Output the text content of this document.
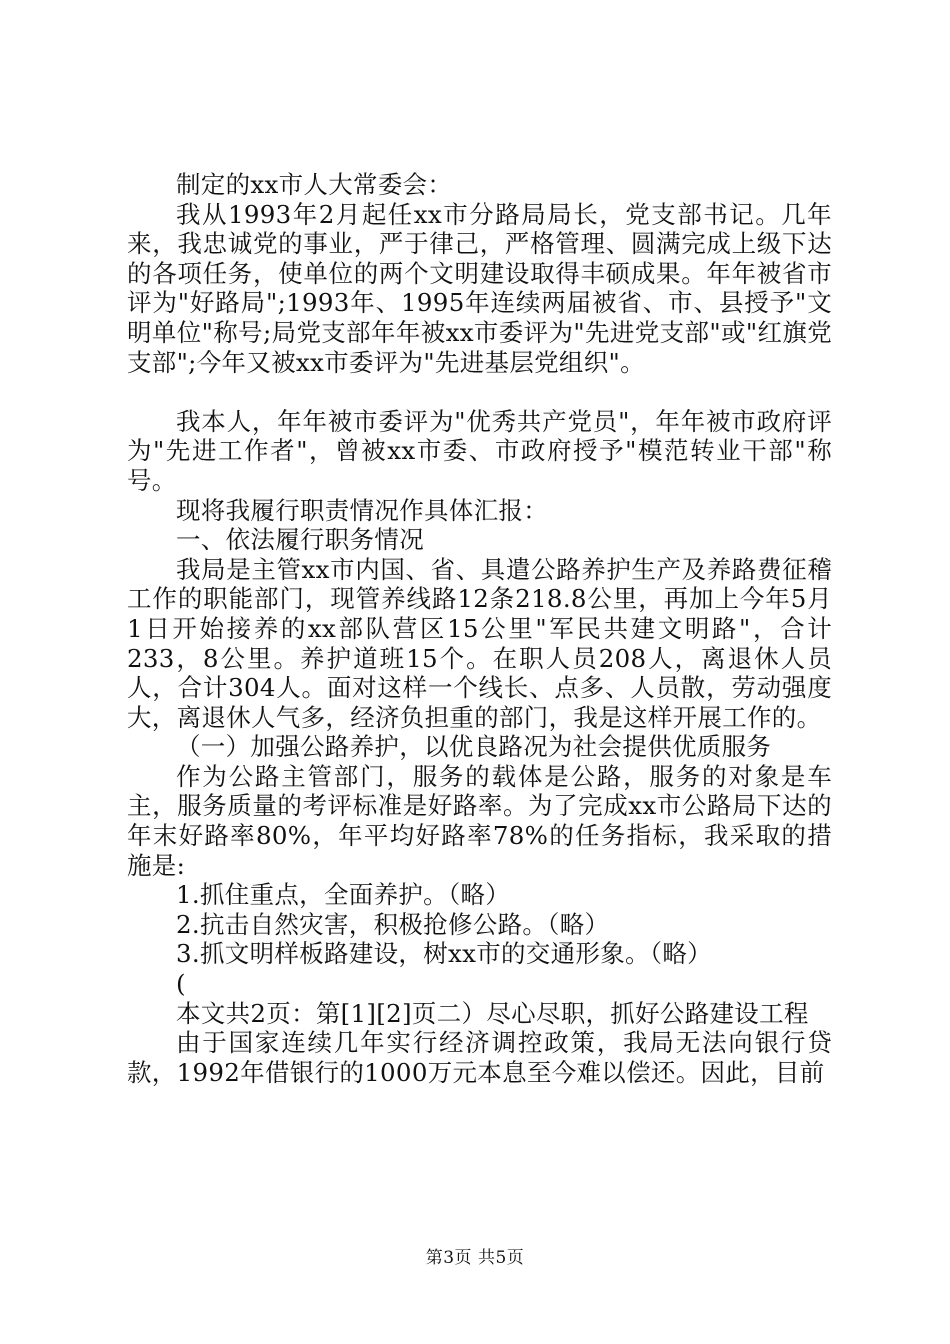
制定的xx市人大常委会：

我从1993年2月起任xx市分路局局长，党支部书记。几年来，我忠诚党的事业，严于律己，严格管理、圆满完成上级下达的各项任务，使单位的两个文明建设取得丰硕成果。年年被省市评为"好路局";1993年、1995年连续两届被省、市、县授予"文明单位"称号;局党支部年年被xx市委评为"先进党支部"或"红旗党支部";今年又被xx市委评为"先进基层党组织"。

我本人，年年被市委评为"优秀共产党员"，年年被市政府评为"先进工作者"，曾被xx市委、市政府授予"模范转业干部"称号。

现将我履行职责情况作具体汇报：

一、依法履行职务情况

我局是主管xx市内国、省、具遣公路养护生产及养路费征稽工作的职能部门，现管养线路12条218.8公里，再加上今年5月1日开始接养的xx部队营区15公里"军民共建文明路"，合计233，8公里。养护道班15个。在职人员208人，离退休人员人，合计304人。面对这样一个线长、点多、人员散，劳动强度大，离退休人气多，经济负担重的部门，我是这样开展工作的。

（一）加强公路养护，以优良路况为社会提供优质服务

作为公路主管部门，服务的载体是公路，服务的对象是车主，服务质量的考评标准是好路率。为了完成xx市公路局下达的年末好路率80%，年平均好路率78%的任务指标，我采取的措施是:

1.抓住重点，全面养护。（略）

2.抗击自然灾害，积极抢修公路。（略）

3.抓文明样板路建设，树xx市的交通形象。（略）

(

本文共2页：第[1][2]页二）尽心尽职，抓好公路建设工程

由于国家连续几年实行经济调控政策，我局无法向银行贷款，1992年借银行的1000万元本息至今难以偿还。因此，目前

第3页 共5页
